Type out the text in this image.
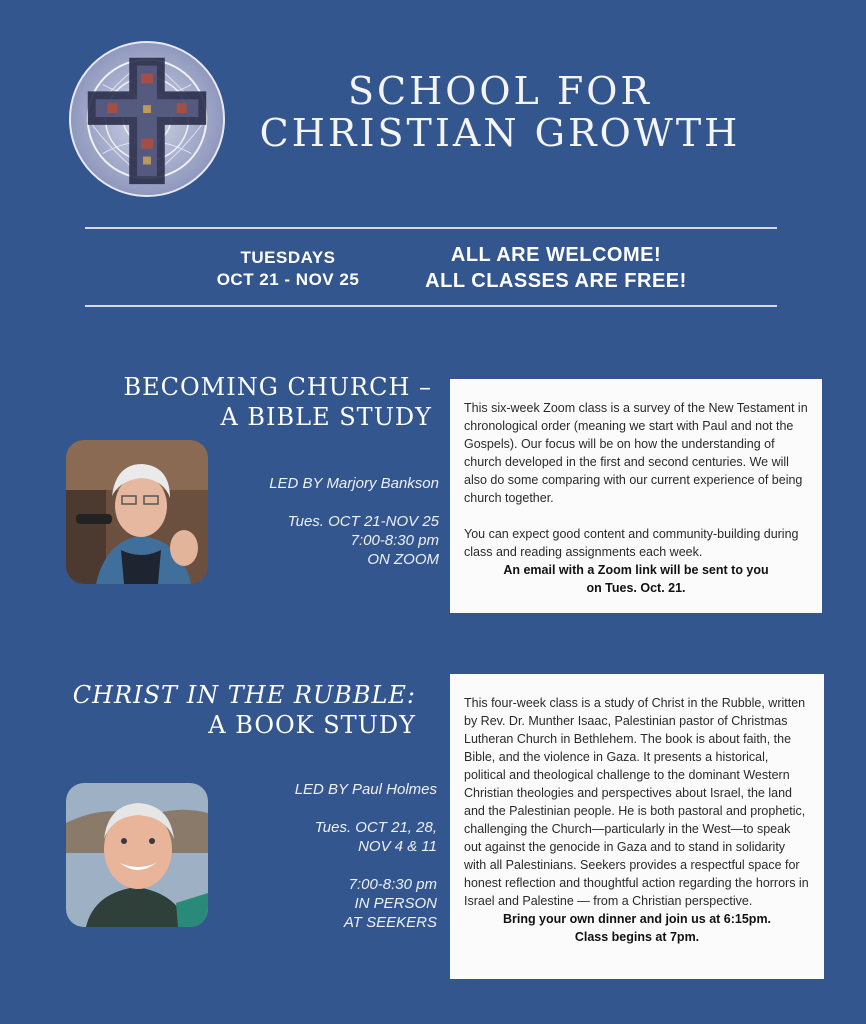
SCHOOL FOR
CHRISTIAN GROWTH
TUESDAYS
OCT 21 - NOV 25
ALL ARE WELCOME!
ALL CLASSES ARE FREE!
BECOMING CHURCH –
A BIBLE STUDY
LED BY Marjory Bankson
Tues. OCT 21-NOV 25
7:00-8:30 pm
ON ZOOM

This six-week Zoom class is a survey of the New Testament in chronological order (meaning we start with Paul and not the Gospels). Our focus will be on how the understanding of church developed in the first and second centuries. We will also do some comparing with our current experience of being church together.

You can expect good content and community-building during class and reading assignments each week.

An email with a Zoom link will be sent to you

on Tues. Oct. 21.

CHRIST IN THE RUBBLE:
A BOOK STUDY
LED BY Paul Holmes
Tues. OCT 21, 28,
NOV 4 & 11
7:00-8:30 pm
IN PERSON
AT SEEKERS

This four-week class is a study of Christ in the Rubble, written by Rev. Dr. Munther Isaac, Palestinian pastor of Christmas Lutheran Church in Bethlehem. The book is about faith, the Bible, and the violence in Gaza. It presents a historical, political and theological challenge to the dominant Western Christian theologies and perspectives about Israel, the land and the Palestinian people. He is both pastoral and prophetic, challenging the Church—particularly in the West—to speak out against the genocide in Gaza and to stand in solidarity with all Palestinians. Seekers provides a respectful space for honest reflection and thoughtful action regarding the horrors in Israel and Palestine — from a Christian perspective.

Bring your own dinner and join us at 6:15pm.

Class begins at 7pm.
